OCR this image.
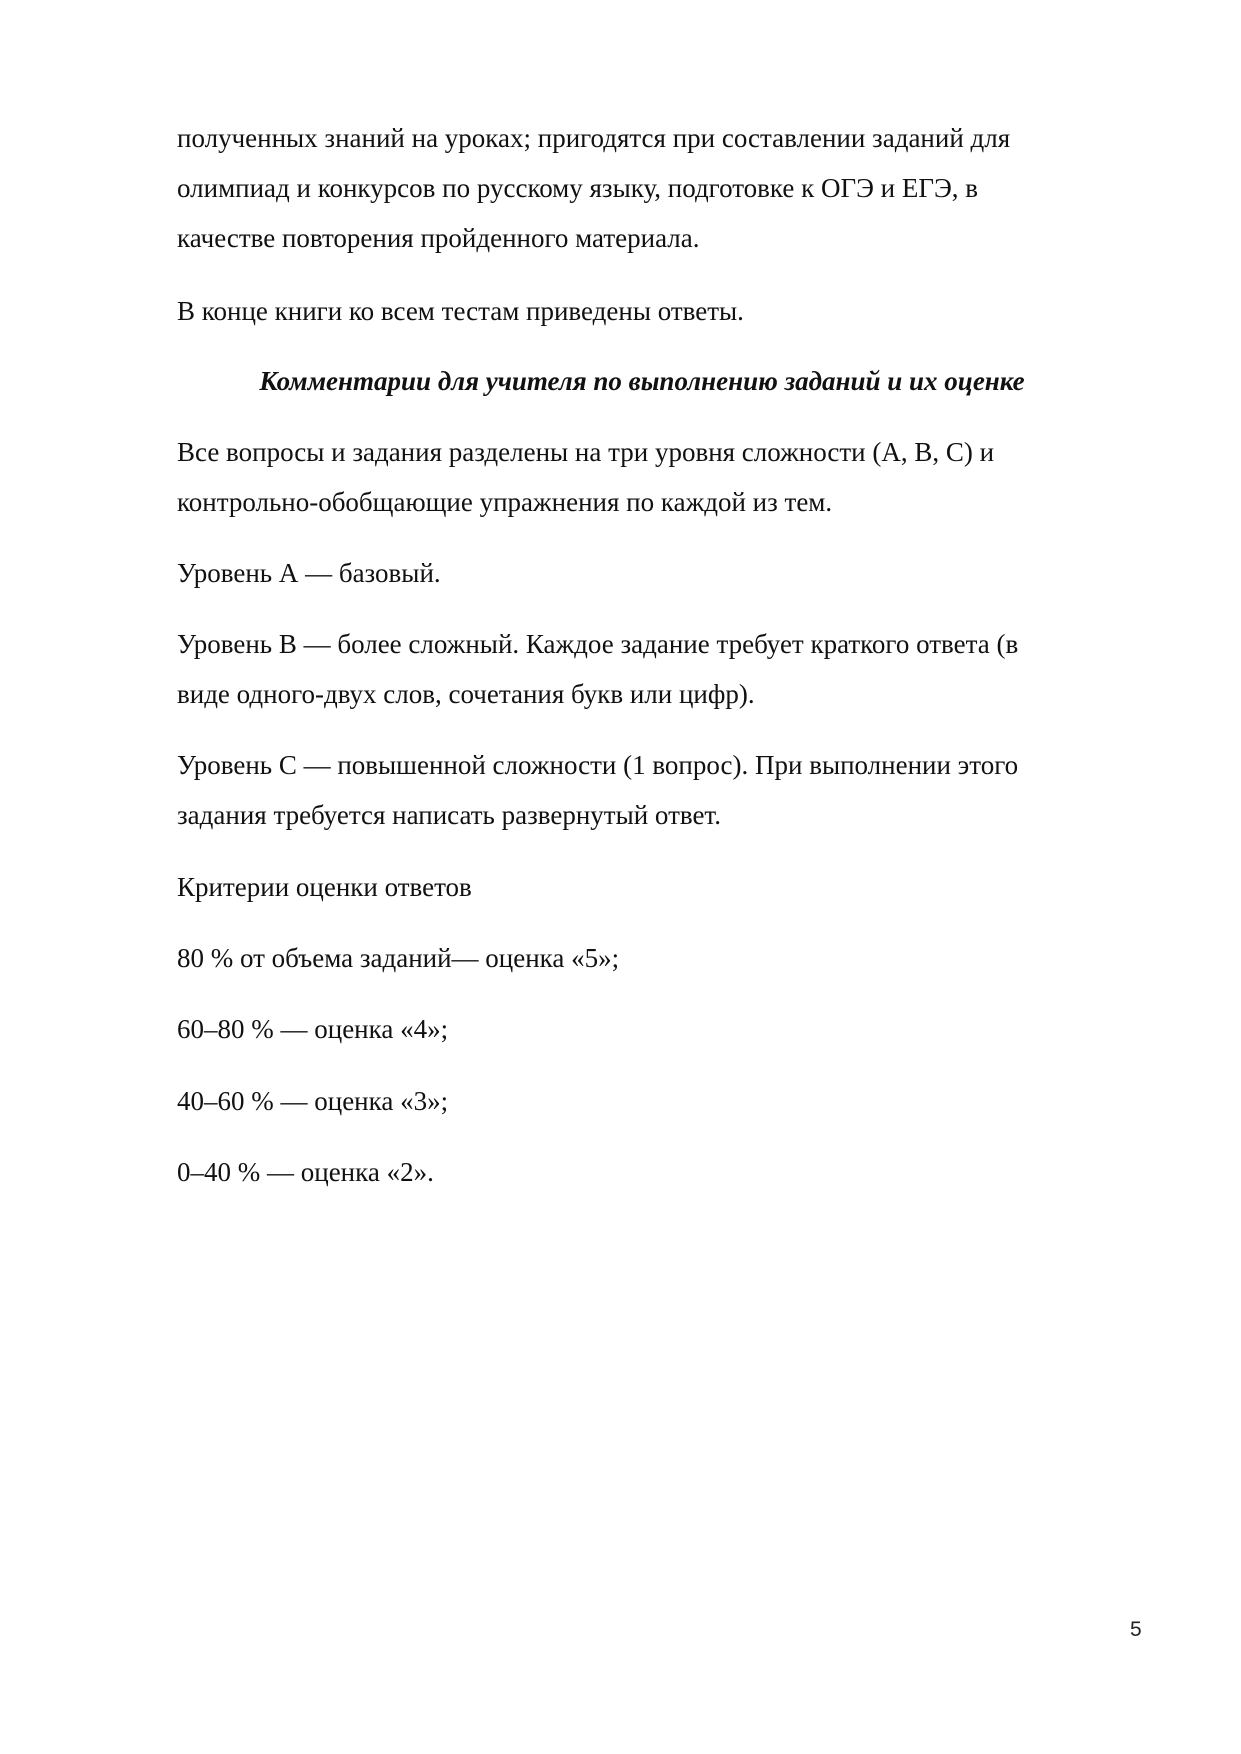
полученных знаний на уроках; пригодятся при составлении заданий для
олимпиад и конкурсов по русскому языку, подготовке к ОГЭ и ЕГЭ, в
качестве повторения пройденного материала.
В конце книги ко всем тестам приведены ответы.
Комментарии для учителя по выполнению заданий и их оценке
Все вопросы и задания разделены на три уровня сложности (А, В, С) и
контрольно-обобщающие упражнения по каждой из тем.
Уровень А — базовый.
Уровень В — более сложный. Каждое задание требует краткого ответа (в
виде одного-двух слов, сочетания букв или цифр).
Уровень С — повышенной сложности (1 вопрос). При выполнении этого
задания требуется написать развернутый ответ.
Критерии оценки ответов
80 % от объема заданий— оценка «5»;
60–80 % — оценка «4»;
40–60 % — оценка «3»;
0–40 % — оценка «2».
5
